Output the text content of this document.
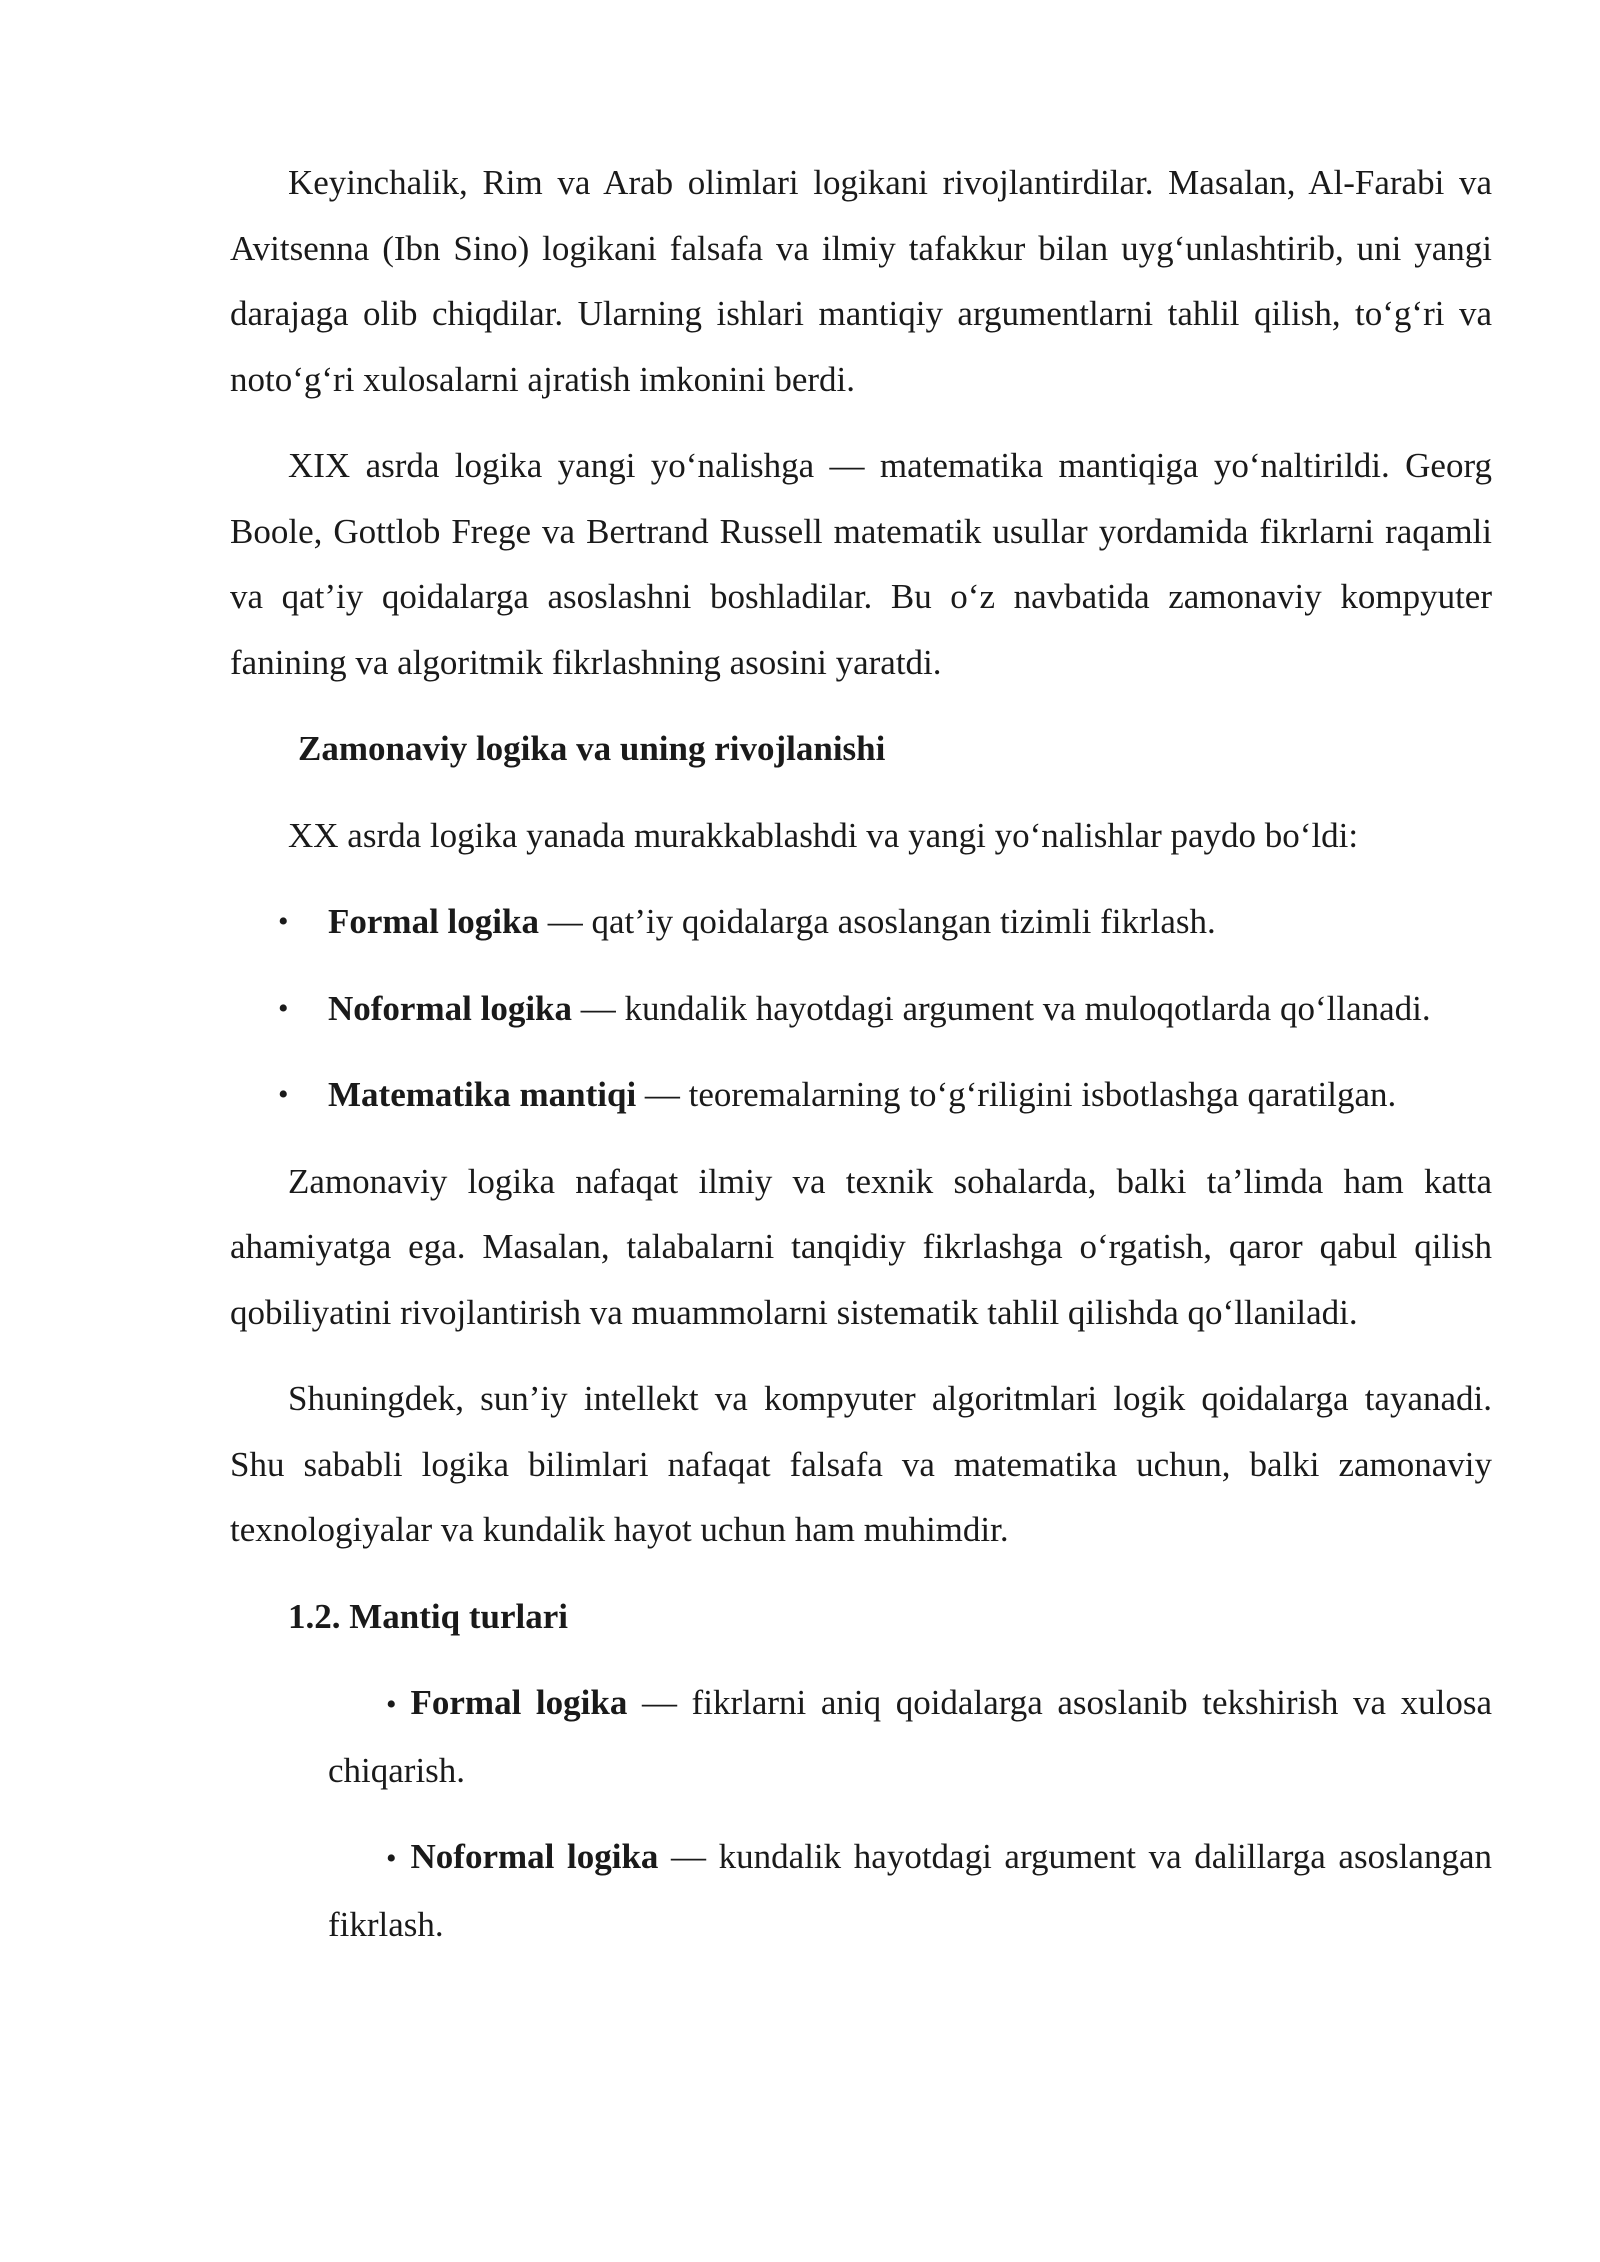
Keyinchalik, Rim va Arab olimlari logikani rivojlantirdilar. Masalan, Al-Farabi va Avitsenna (Ibn Sino) logikani falsafa va ilmiy tafakkur bilan uyg‘unlashtirib, uni yangi darajaga olib chiqdilar. Ularning ishlari mantiqiy argumentlarni tahlil qilish, to‘g‘ri va noto‘g‘ri xulosalarni ajratish imkonini berdi.

XIX asrda logika yangi yo‘nalishga — matematika mantiqiga yo‘naltirildi. Georg Boole, Gottlob Frege va Bertrand Russell matematik usullar yordamida fikrlarni raqamli va qat’iy qoidalarga asoslashni boshladilar. Bu o‘z navbatida zamonaviy kompyuter fanining va algoritmik fikrlashning asosini yaratdi.

Zamonaviy logika va uning rivojlanishi

XX asrda logika yanada murakkablashdi va yangi yo‘nalishlar paydo bo‘ldi:

• Formal logika — qat’iy qoidalarga asoslangan tizimli fikrlash.
• Noformal logika — kundalik hayotdagi argument va muloqotlarda qo‘llanadi.
• Matematika mantiqi — teoremalarning to‘g‘riligini isbotlashga qaratilgan.

Zamonaviy logika nafaqat ilmiy va texnik sohalarda, balki ta’limda ham katta ahamiyatga ega. Masalan, talabalarni tanqidiy fikrlashga o‘rgatish, qaror qabul qilish qobiliyatini rivojlantirish va muammolarni sistematik tahlil qilishda qo‘llaniladi.

Shuningdek, sun’iy intellekt va kompyuter algoritmlari logik qoidalarga tayanadi. Shu sababli logika bilimlari nafaqat falsafa va matematika uchun, balki zamonaviy texnologiyalar va kundalik hayot uchun ham muhimdir.

1.2. Mantiq turlari
• Formal logika — fikrlarni aniq qoidalarga asoslanib tekshirish va xulosa chiqarish.
• Noformal logika — kundalik hayotdagi argument va dalillarga asoslangan fikrlash.
